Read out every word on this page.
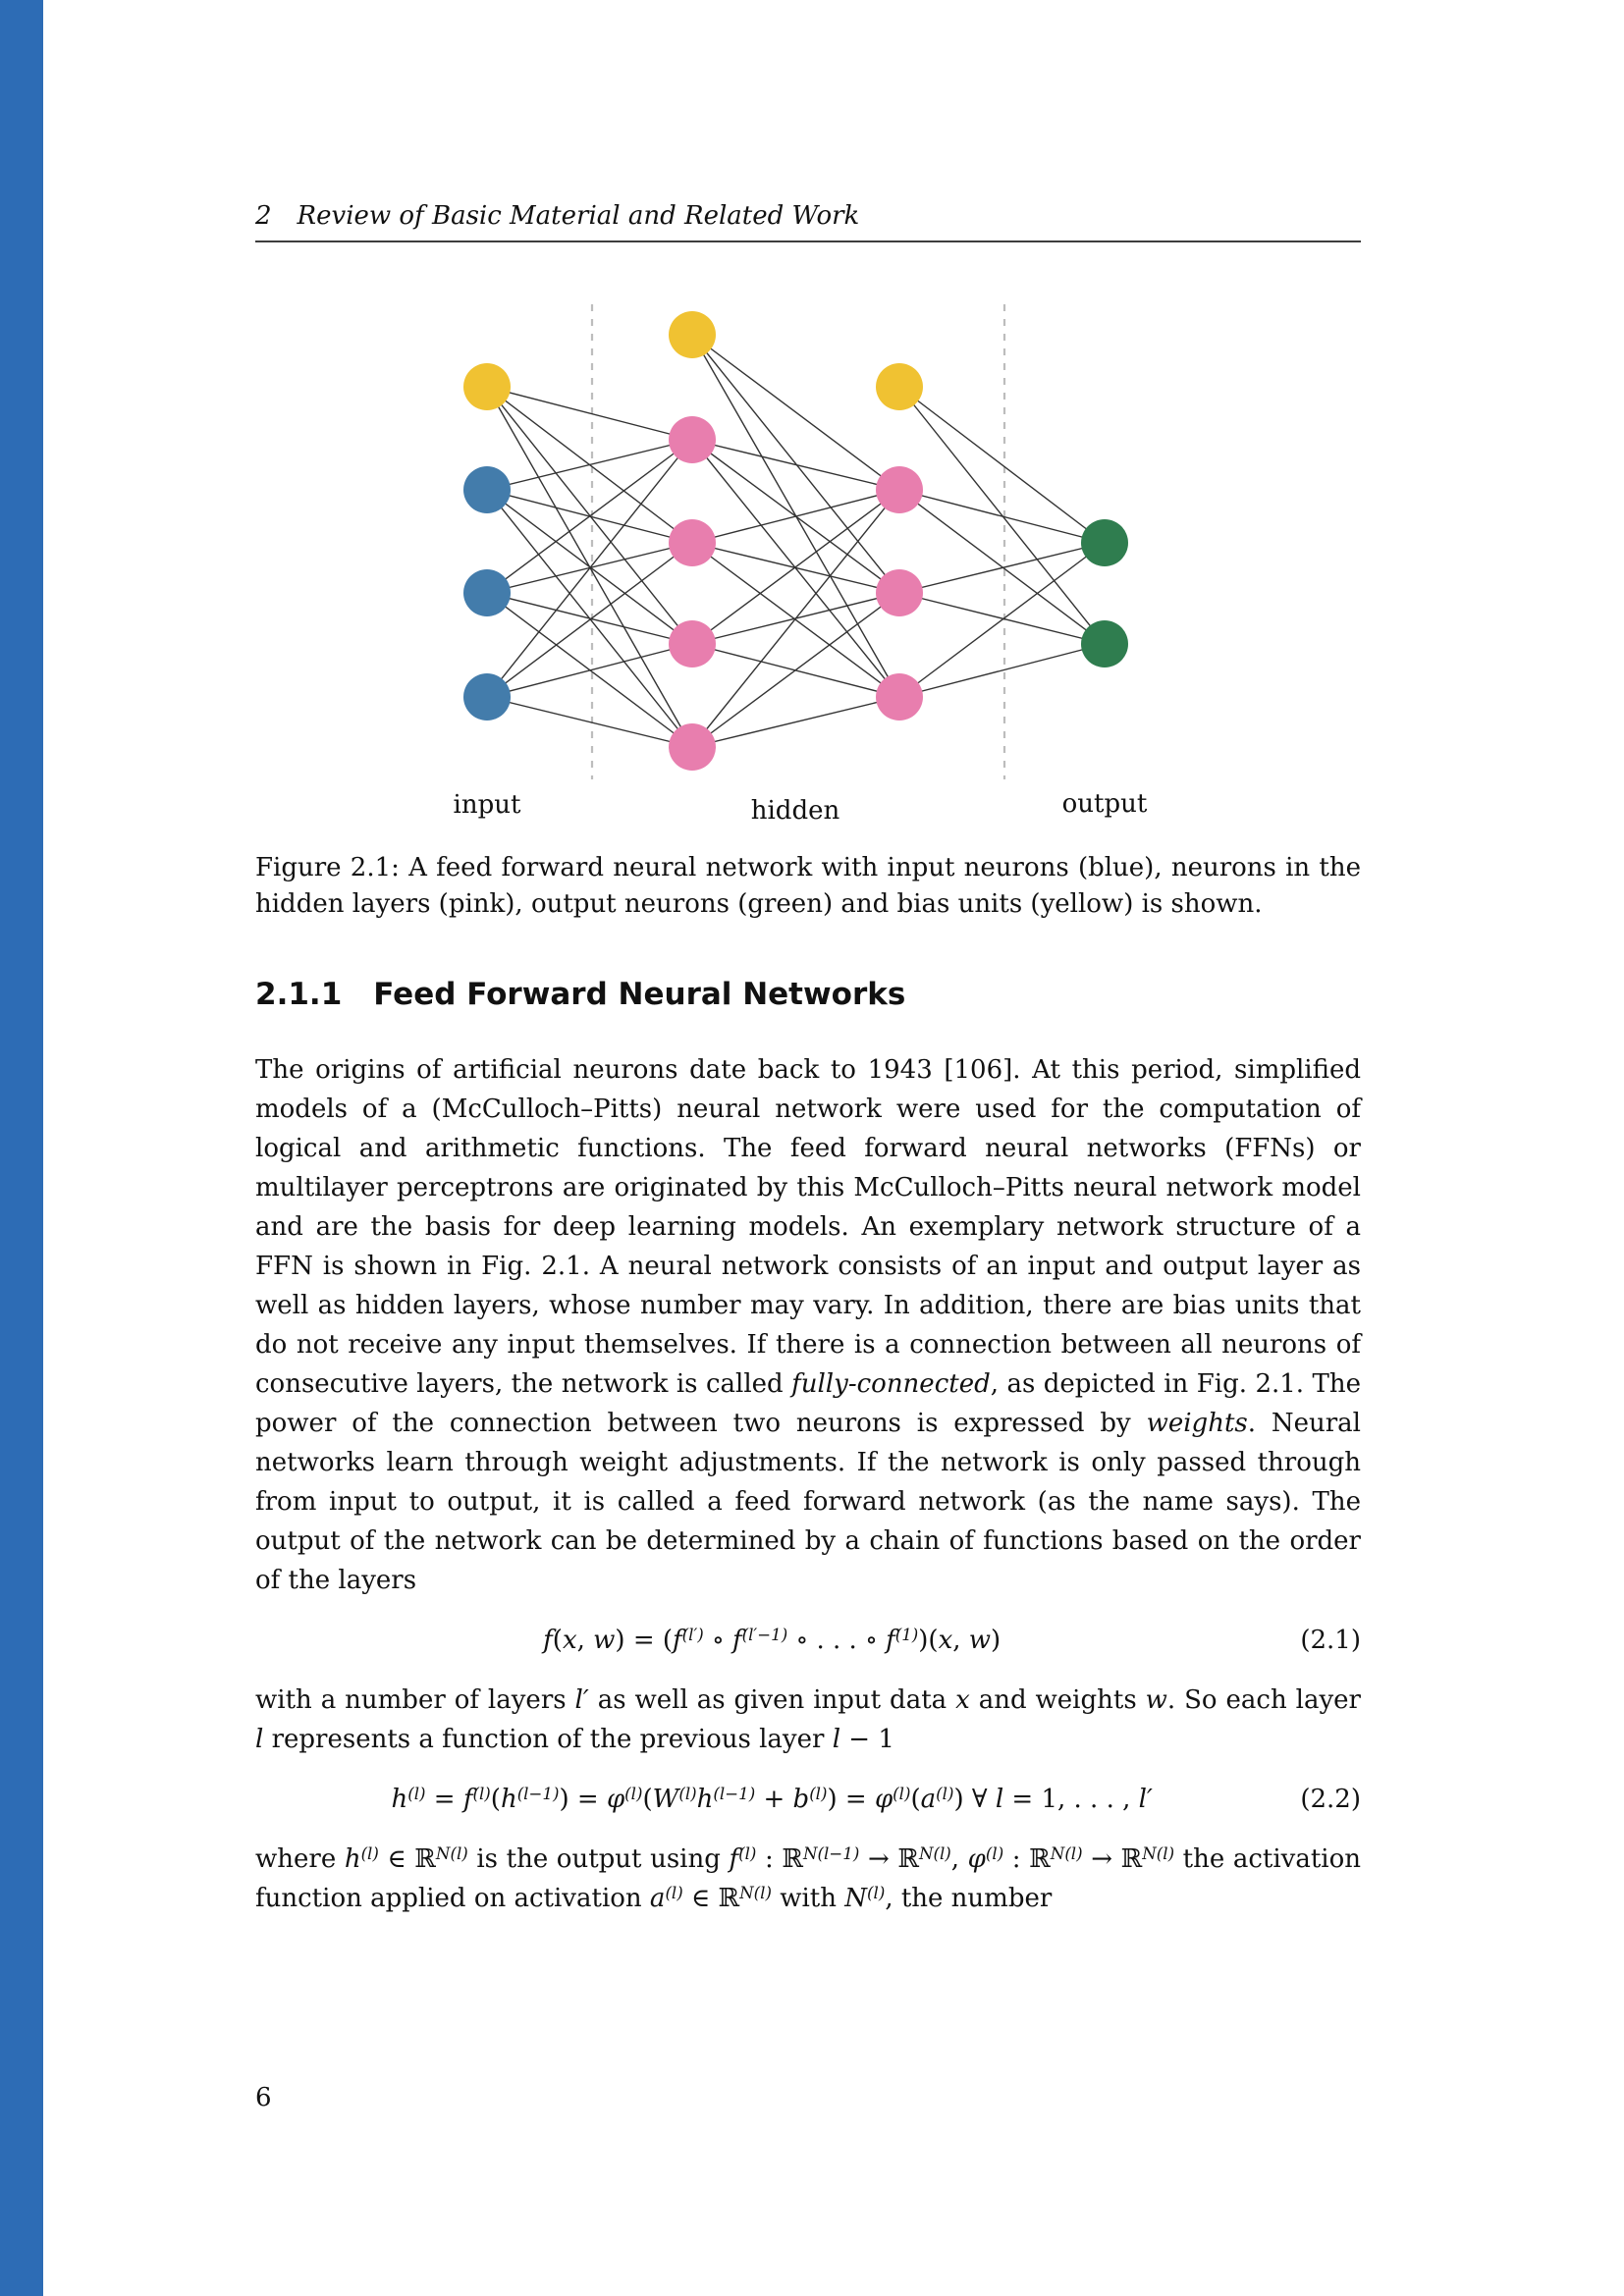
2 Review of Basic Material and Related Work
input	hidden	output
Figure 2.1: A feed forward neural network with input neurons (blue), neurons in the hidden layers (pink), output neurons (green) and bias units (yellow) is shown.
2.1.1 Feed Forward Neural Networks

The origins of artificial neurons date back to 1943 [106]. At this period, simplified models of a (McCulloch–Pitts) neural network were used for the computation of logical and arithmetic functions. The feed forward neural networks (FFNs) or multilayer perceptrons are originated by this McCulloch–Pitts neural network model and are the basis for deep learning models. An exemplary network structure of a FFN is shown in Fig. 2.1. A neural network consists of an input and output layer as well as hidden layers, whose number may vary. In addition, there are bias units that do not receive any input themselves. If there is a connection between all neurons of consecutive layers, the network is called fully-connected, as depicted in Fig. 2.1. The power of the connection between two neurons is expressed by weights. Neural networks learn through weight adjustments. If the network is only passed through from input to output, it is called a feed forward network (as the name says). The output of the network can be determined by a chain of functions based on the order of the layers

f(x, $w) = (f^{(l')}$ ∘ $f^{(l'-1)}$ ∘ . . . ∘ $f^{(1)})(x$, w)	(2.1)

with a number of layers l′ as well as given input data x and weights w. So each layer l represents a function of the previous layer l − 1

$h^{(l)} = f^{(l)}(h^{(l-1)}) = \varphi^{(l)}(W^{(l)}h^{(l-1)} + b^{(l)}) = \varphi^{(l)}(a^{(l)})$ ∀ l = 1, . . . , l′	(2.2)

where $h^{(l)}$ ∈ ℝ$^{N(l)}$ is the output using $f^{(l)}$ : ℝ$^{N(l-1)}$ → ℝ$^{N(l)}$, $\varphi^{(l)}$ : ℝ$^{N(l)}$ → ℝ$^{N(l)}$ the activation function applied on activation $a^{(l)}$ ∈ ℝ$^{N(l)}$ with $N^{(l)}$, the number

6
